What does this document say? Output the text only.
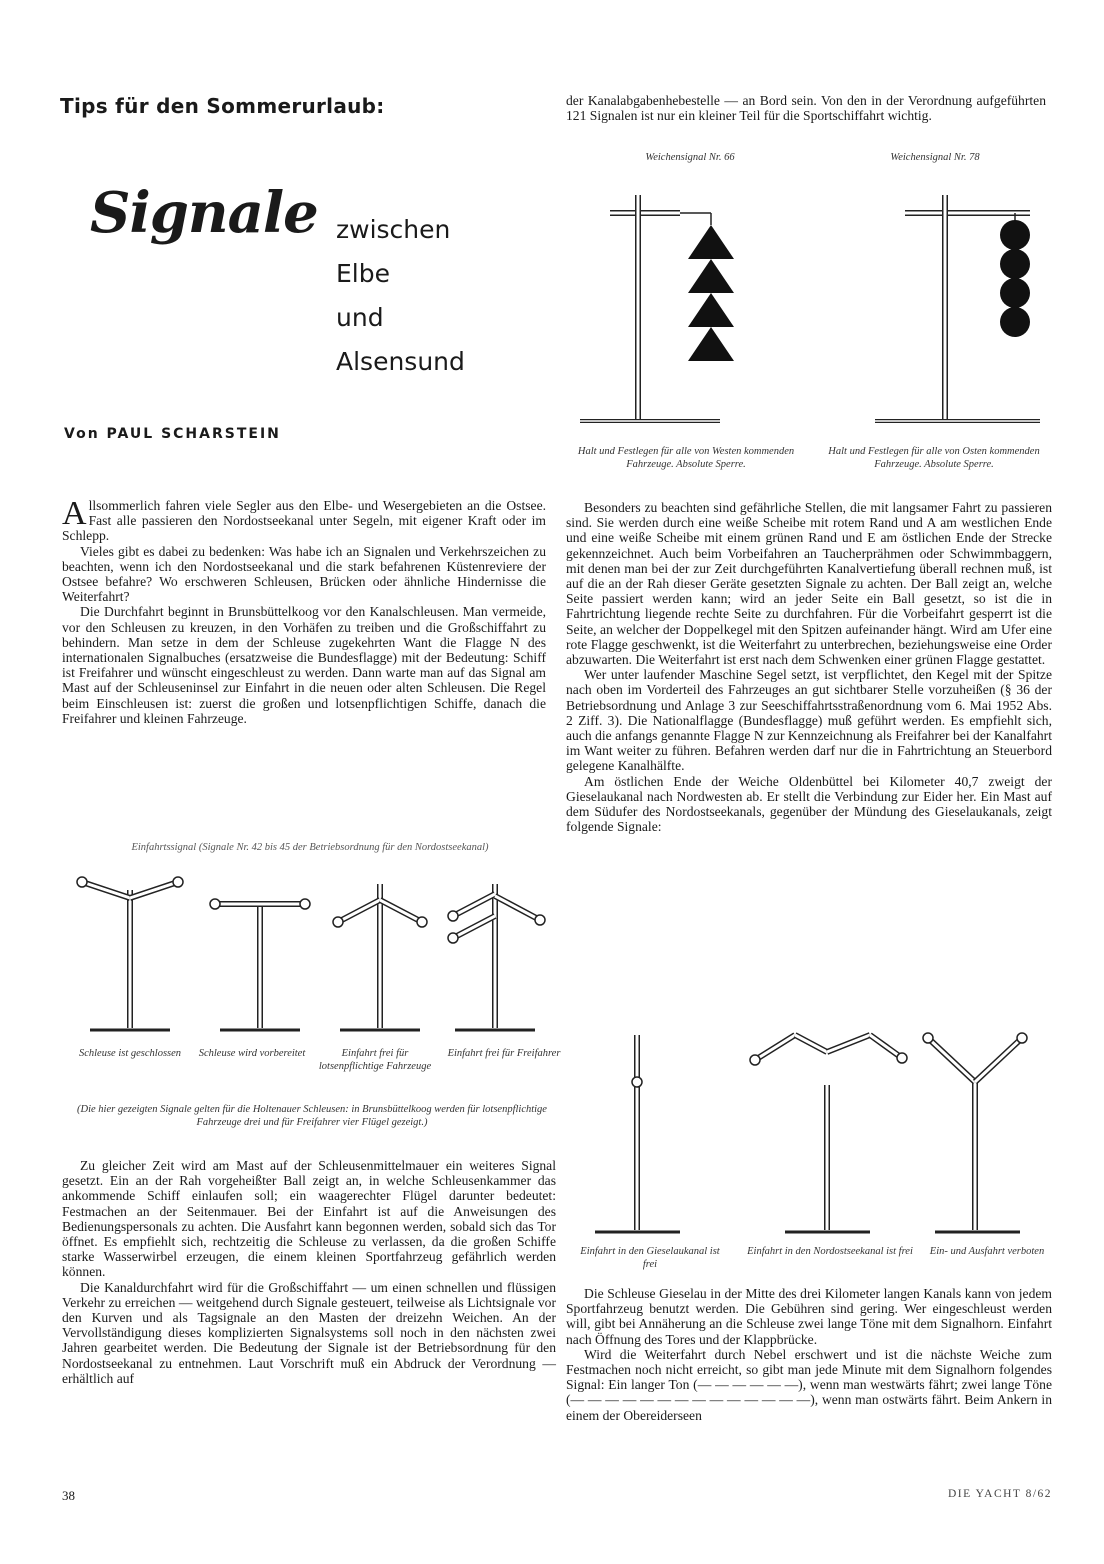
Tips für den Sommerurlaub:
Signale zwischen
Elbe
und
Alsensund
Von PAUL SCHARSTEIN

Allsommerlich fahren viele Segler aus den Elbe- und Wesergebieten an die Ostsee. Fast alle passieren den Nordostseekanal unter Segeln, mit eigener Kraft oder im Schlepp.

Vieles gibt es dabei zu bedenken: Was habe ich an Signalen und Verkehrszeichen zu beachten, wenn ich den Nordostseekanal und die stark befahrenen Küstenreviere der Ostsee befahre? Wo erschweren Schleusen, Brücken oder ähnliche Hindernisse die Weiterfahrt?

Die Durchfahrt beginnt in Brunsbüttelkoog vor den Kanalschleusen. Man vermeide, vor den Schleusen zu kreuzen, in den Vorhäfen zu treiben und die Großschiffahrt zu behindern. Man setze in dem der Schleuse zugekehrten Want die Flagge N des internationalen Signalbuches (ersatzweise die Bundesflagge) mit der Bedeutung: Schiff ist Freifahrer und wünscht eingeschleust zu werden. Dann warte man auf das Signal am Mast auf der Schleuseninsel zur Einfahrt in die neuen oder alten Schleusen. Die Regel beim Einschleusen ist: zuerst die großen und lotsenpflichtigen Schiffe, danach die Freifahrer und kleinen Fahrzeuge.

Einfahrtssignal (Signale Nr. 42 bis 45 der Betriebsordnung für den Nordostseekanal)
Schleuse ist geschlossen	Schleuse wird vorbereitet	Einfahrt frei für lotsenpflichtige Fahrzeuge
Einfahrt frei für Freifahrer
(Die hier gezeigten Signale gelten für die Holtenauer Schleusen: in Brunsbüttelkoog werden für lotsenpflichtige Fahrzeuge drei und für Freifahrer vier Flügel gezeigt.)

Zu gleicher Zeit wird am Mast auf der Schleusenmittelmauer ein weiteres Signal gesetzt. Ein an der Rah vorgeheißter Ball zeigt an, in welche Schleusenkammer das ankommende Schiff einlaufen soll; ein waagerechter Flügel darunter bedeutet: Festmachen an der Seitenmauer. Bei der Einfahrt ist auf die Anweisungen des Bedienungspersonals zu achten. Die Ausfahrt kann begonnen werden, sobald sich das Tor öffnet. Es empfiehlt sich, rechtzeitig die Schleuse zu verlassen, da die großen Schiffe starke Wasserwirbel erzeugen, die einem kleinen Sportfahrzeug gefährlich werden können.

Die Kanaldurchfahrt wird für die Großschiffahrt — um einen schnellen und flüssigen Verkehr zu erreichen — weitgehend durch Signale gesteuert, teilweise als Lichtsignale vor den Kurven und als Tagsignale an den Masten der dreizehn Weichen. An der Vervollständigung dieses komplizierten Signalsystems soll noch in den nächsten zwei Jahren gearbeitet werden. Die Bedeutung der Signale ist der Betriebsordnung für den Nordostseekanal zu entnehmen. Laut Vorschrift muß ein Abdruck der Verordnung — erhältlich auf

der Kanalabgabenhebestelle — an Bord sein. Von den in der Verordnung aufgeführten 121 Signalen ist nur ein kleiner Teil für die Sportschiffahrt wichtig.

Weichensignal Nr. 66	Weichensignal Nr. 78
Halt und Festlegen für alle von Westen kommenden Fahrzeuge. Absolute Sperre.
Halt und Festlegen für alle von Osten kommenden Fahrzeuge. Absolute Sperre.

Besonders zu beachten sind gefährliche Stellen, die mit langsamer Fahrt zu passieren sind. Sie werden durch eine weiße Scheibe mit rotem Rand und A am westlichen Ende und eine weiße Scheibe mit einem grünen Rand und E am östlichen Ende der Strecke gekennzeichnet. Auch beim Vorbeifahren an Taucherprähmen oder Schwimmbaggern, mit denen man bei der zur Zeit durchgeführten Kanalvertiefung überall rechnen muß, ist auf die an der Rah dieser Geräte gesetzten Signale zu achten. Der Ball zeigt an, welche Seite passiert werden kann; wird an jeder Seite ein Ball gesetzt, so ist die in Fahrtrichtung liegende rechte Seite zu durchfahren. Für die Vorbeifahrt gesperrt ist die Seite, an welcher der Doppelkegel mit den Spitzen aufeinander hängt. Wird am Ufer eine rote Flagge geschwenkt, ist die Weiterfahrt zu unterbrechen, beziehungsweise eine Order abzuwarten. Die Weiterfahrt ist erst nach dem Schwenken einer grünen Flagge gestattet.

Wer unter laufender Maschine Segel setzt, ist verpflichtet, den Kegel mit der Spitze nach oben im Vorderteil des Fahrzeuges an gut sichtbarer Stelle vorzuheißen (§ 36 der Betriebsordnung und Anlage 3 zur Seeschiffahrtsstraßenordnung vom 6. Mai 1952 Abs. 2 Ziff. 3). Die Nationalflagge (Bundesflagge) muß geführt werden. Es empfiehlt sich, auch die anfangs genannte Flagge N zur Kennzeichnung als Freifahrer bei der Kanalfahrt im Want weiter zu führen. Befahren werden darf nur die in Fahrtrichtung an Steuerbord gelegene Kanalhälfte.

Am östlichen Ende der Weiche Oldenbüttel bei Kilometer 40,7 zweigt der Gieselaukanal nach Nordwesten ab. Er stellt die Verbindung zur Eider her. Ein Mast auf dem Südufer des Nordostseekanals, gegenüber der Mündung des Gieselaukanals, zeigt folgende Signale:

Einfahrt in den Gieselaukanal ist frei
Einfahrt in den Nordostseekanal ist frei	Ein- und Ausfahrt verboten

Die Schleuse Gieselau in der Mitte des drei Kilometer langen Kanals kann von jedem Sportfahrzeug benutzt werden. Die Gebühren sind gering. Wer eingeschleust werden will, gibt bei Annäherung an die Schleuse zwei lange Töne mit dem Signalhorn. Einfahrt nach Öffnung des Tores und der Klappbrücke.

Wird die Weiterfahrt durch Nebel erschwert und ist die nächste Weiche zum Festmachen noch nicht erreicht, so gibt man jede Minute mit dem Signalhorn folgendes Signal: Ein langer Ton (— — — — — —), wenn man westwärts fährt; zwei lange Töne (— — — — — — — — — — — — — —), wenn man ostwärts fährt. Beim Ankern in einem der Obereiderseen

38	DIE YACHT 8/62
